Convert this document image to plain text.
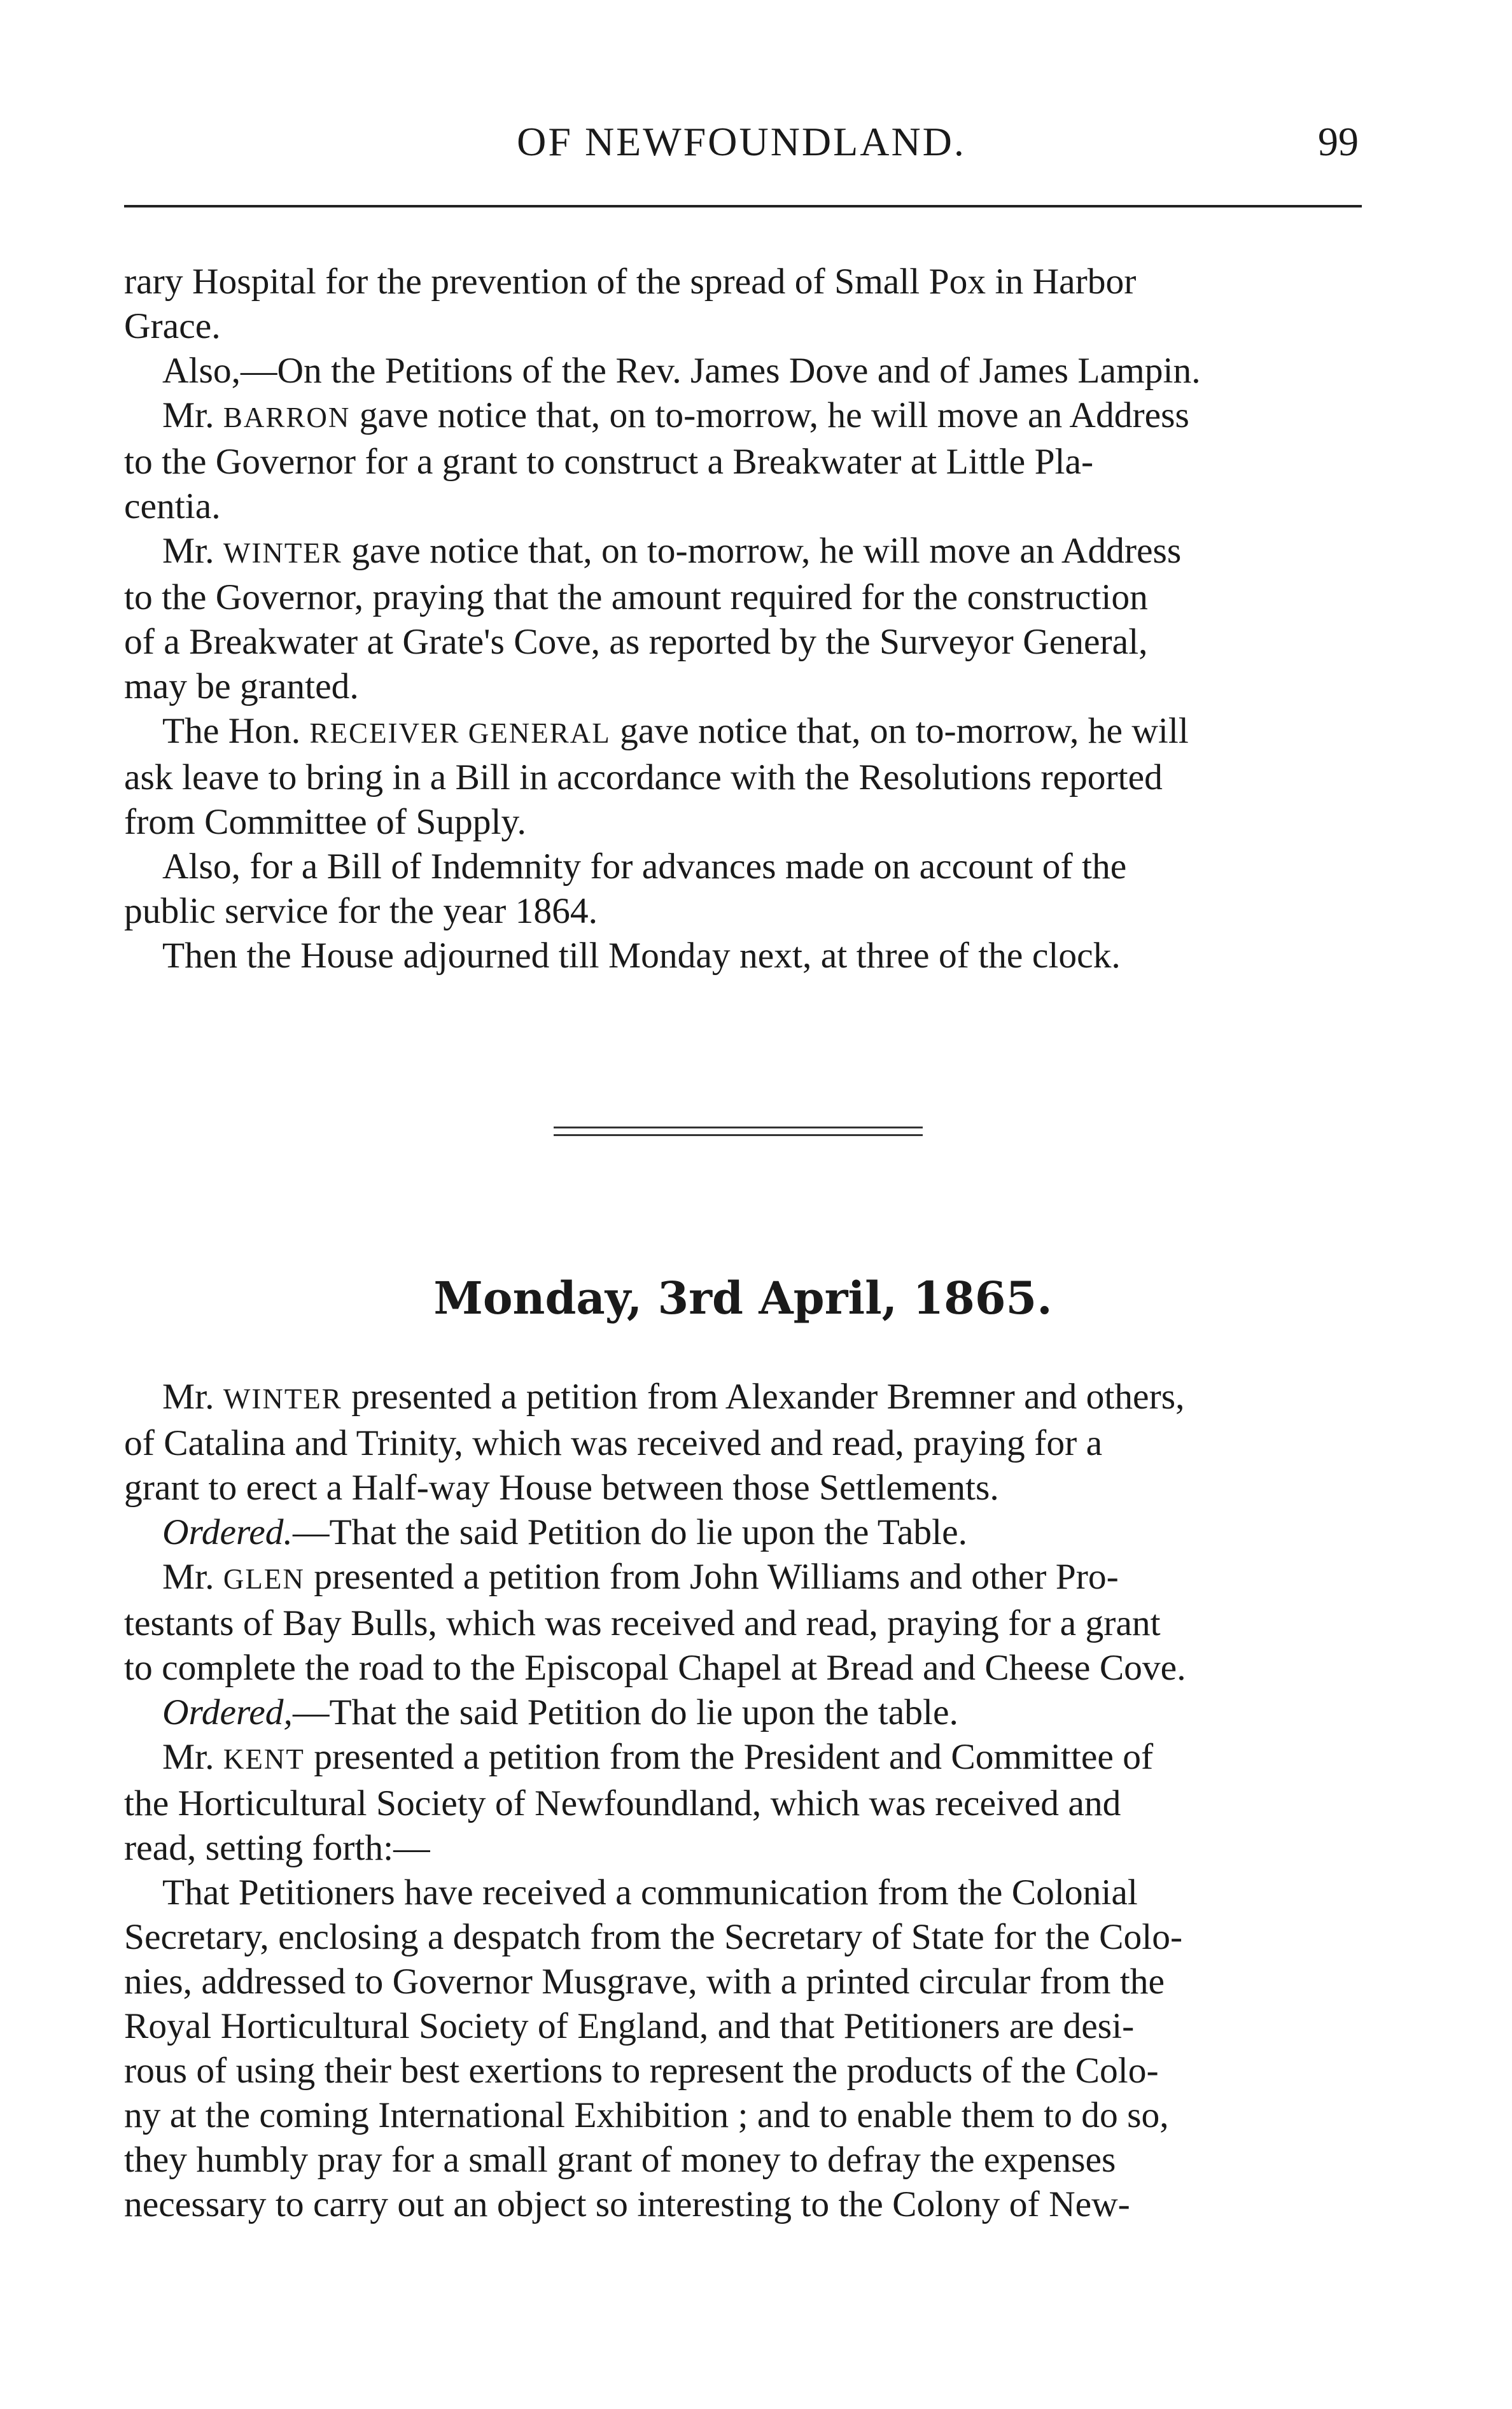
OF NEWFOUNDLAND.	99
rary Hospital for the prevention of the spread of Small Pox in Harbor
Grace.
Also,—On the Petitions of the Rev. James Dove and of James Lampin.
Mr. BARRON gave notice that, on to-morrow, he will move an Address
to the Governor for a grant to construct a Breakwater at Little Pla-
centia.
Mr. WINTER gave notice that, on to-morrow, he will move an Address
to the Governor, praying that the amount required for the construction
of a Breakwater at Grate's Cove, as reported by the Surveyor General,
may be granted.
The Hon. RECEIVER GENERAL gave notice that, on to-morrow, he will
ask leave to bring in a Bill in accordance with the Resolutions reported
from Committee of Supply.
Also, for a Bill of Indemnity for advances made on account of the
public service for the year 1864.
Then the House adjourned till Monday next, at three of the clock.
Monday, 3rd April, 1865.
Mr. WINTER presented a petition from Alexander Bremner and others,
of Catalina and Trinity, which was received and read, praying for a
grant to erect a Half-way House between those Settlements.
Ordered.—That the said Petition do lie upon the Table.
Mr. GLEN presented a petition from John Williams and other Pro-
testants of Bay Bulls, which was received and read, praying for a grant
to complete the road to the Episcopal Chapel at Bread and Cheese Cove.
Ordered,—That the said Petition do lie upon the table.
Mr. KENT presented a petition from the President and Committee of
the Horticultural Society of Newfoundland, which was received and
read, setting forth:—
That Petitioners have received a communication from the Colonial
Secretary, enclosing a despatch from the Secretary of State for the Colo-
nies, addressed to Governor Musgrave, with a printed circular from the
Royal Horticultural Society of England, and that Petitioners are desi-
rous of using their best exertions to represent the products of the Colo-
ny at the coming International Exhibition ; and to enable them to do so,
they humbly pray for a small grant of money to defray the expenses
necessary to carry out an object so interesting to the Colony of New-
